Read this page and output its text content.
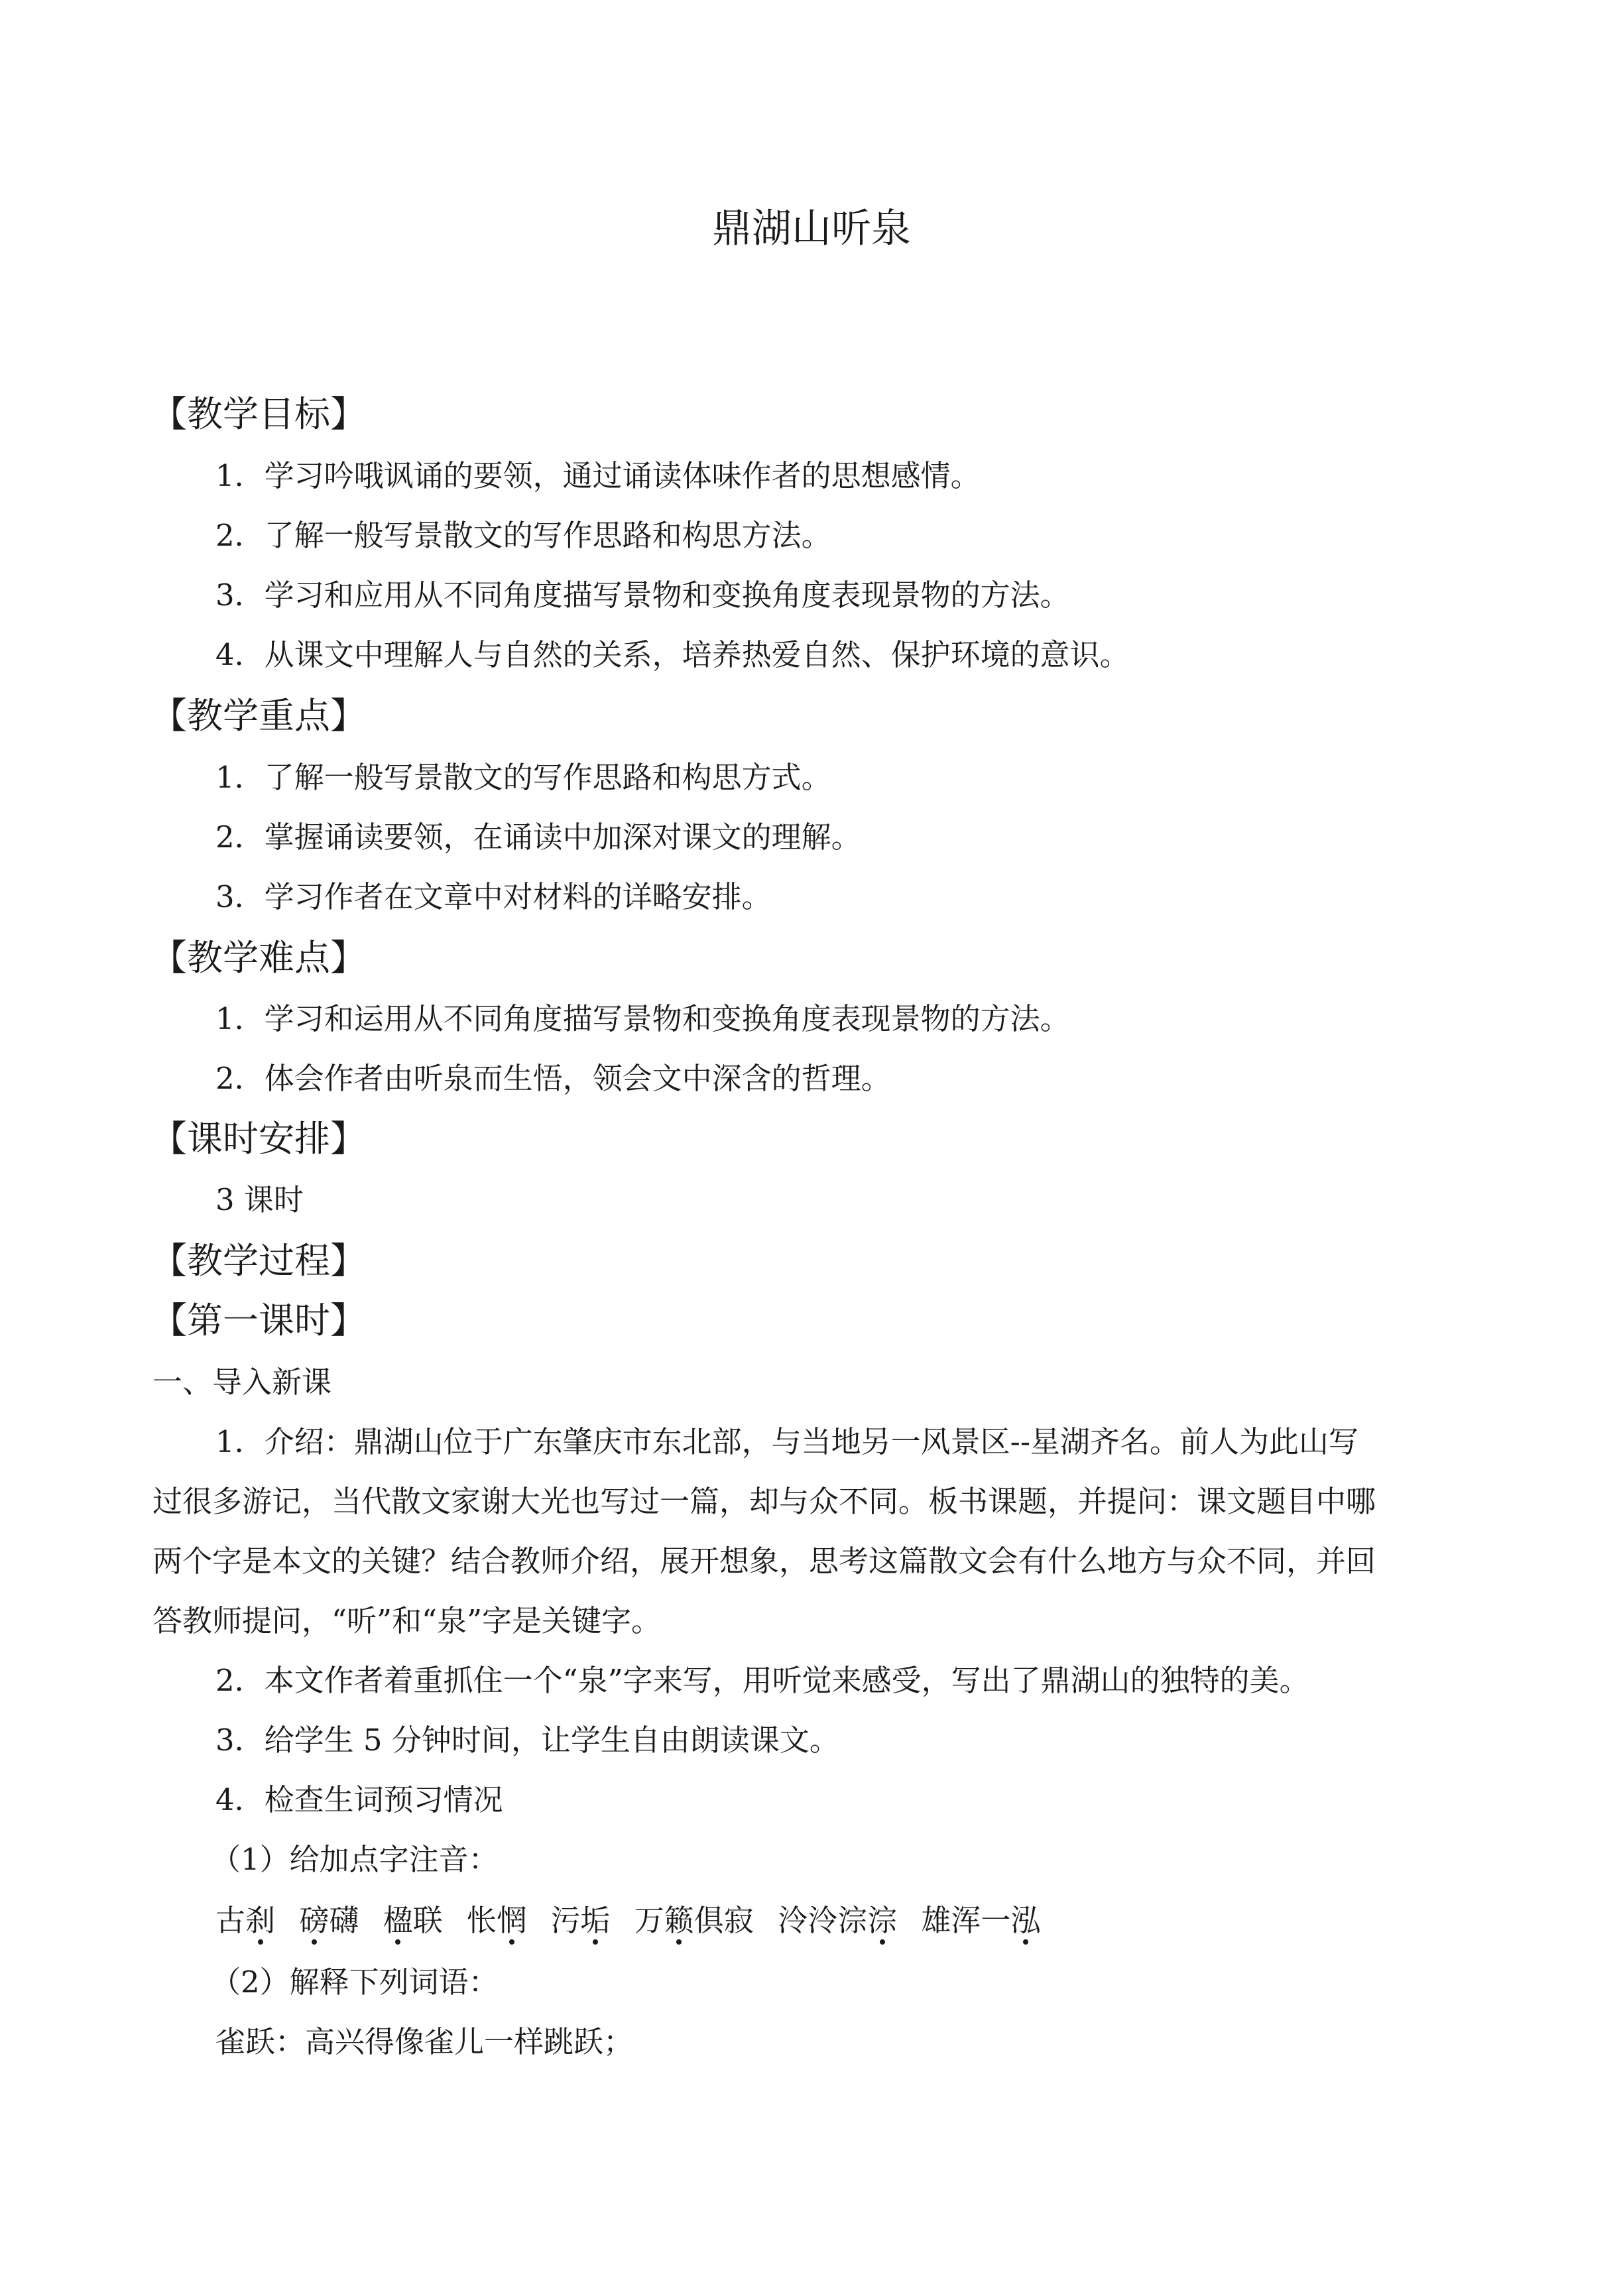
鼎湖山听泉
【教学目标】
1．学习吟哦讽诵的要领，通过诵读体味作者的思想感情。
2．了解一般写景散文的写作思路和构思方法。
3．学习和应用从不同角度描写景物和变换角度表现景物的方法。
4．从课文中理解人与自然的关系，培养热爱自然、保护环境的意识。
【教学重点】
1．了解一般写景散文的写作思路和构思方式。
2．掌握诵读要领，在诵读中加深对课文的理解。
3．学习作者在文章中对材料的详略安排。
【教学难点】
1．学习和运用从不同角度描写景物和变换角度表现景物的方法。
2．体会作者由听泉而生悟，领会文中深含的哲理。
【课时安排】
3 课时
【教学过程】
【第一课时】
一、导入新课
1．介绍：鼎湖山位于广东肇庆市东北部，与当地另一风景区--星湖齐名。前人为此山写
过很多游记，当代散文家谢大光也写过一篇，却与众不同。板书课题，并提问：课文题目中哪
两个字是本文的关键？结合教师介绍，展开想象，思考这篇散文会有什么地方与众不同，并回
答教师提问，“听”和“泉”字是关键字。
2．本文作者着重抓住一个“泉”字来写，用听觉来感受，写出了鼎湖山的独特的美。
3．给学生 5 分钟时间，让学生自由朗读课文。
4．检查生词预习情况
（1）给加点字注音：
古刹 磅礴 楹联 怅惘 污垢 万籁俱寂 泠泠淙淙 雄浑一泓
（2）解释下列词语：
雀跃：高兴得像雀儿一样跳跃；
